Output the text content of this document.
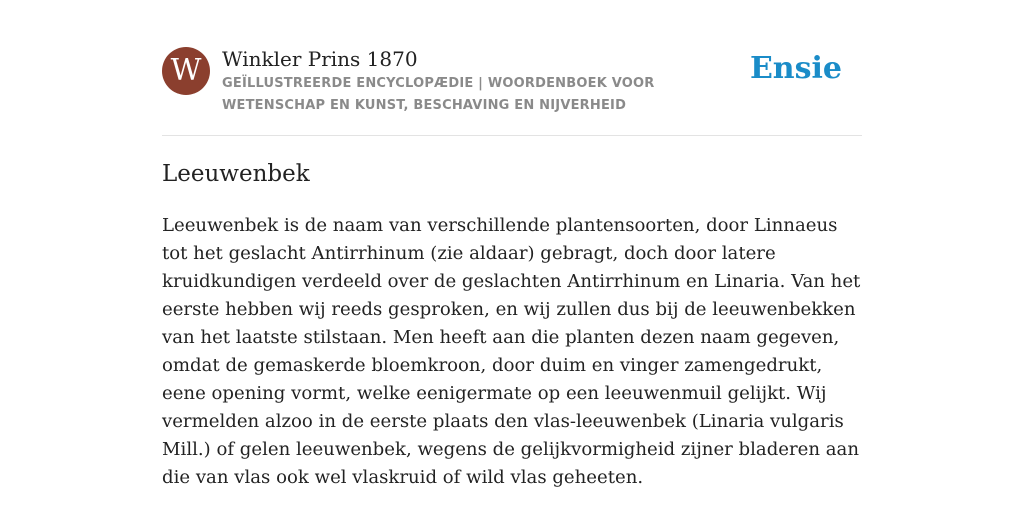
W	Winkler Prins 1870
GEÏLLUSTREERDE ENCYCLOPÆDIE | WOORDENBOEK VOOR WETENSCHAP EN KUNST, BESCHAVING EN NIJVERHEID
Ensie
Leeuwenbek

Leeuwenbek is de naam van verschillende plantensoorten, door Linnaeus tot het geslacht Antirrhinum (zie aldaar) gebragt, doch door latere kruidkundigen verdeeld over de geslachten Antirrhinum en Linaria. Van het eerste hebben wij reeds gesproken, en wij zullen dus bij de leeuwenbekken van het laatste stilstaan. Men heeft aan die planten dezen naam gegeven, omdat de gemaskerde bloemkroon, door duim en vinger zamengedrukt, eene opening vormt, welke eenigermate op een leeuwenmuil gelijkt. Wij vermelden alzoo in de eerste plaats den vlas-leeuwenbek (Linaria vulgaris Mill.) of gelen leeuwenbek, wegens de gelijkvormigheid zijner bladeren aan die van vlas ook wel vlaskruid of wild vlas geheeten.
